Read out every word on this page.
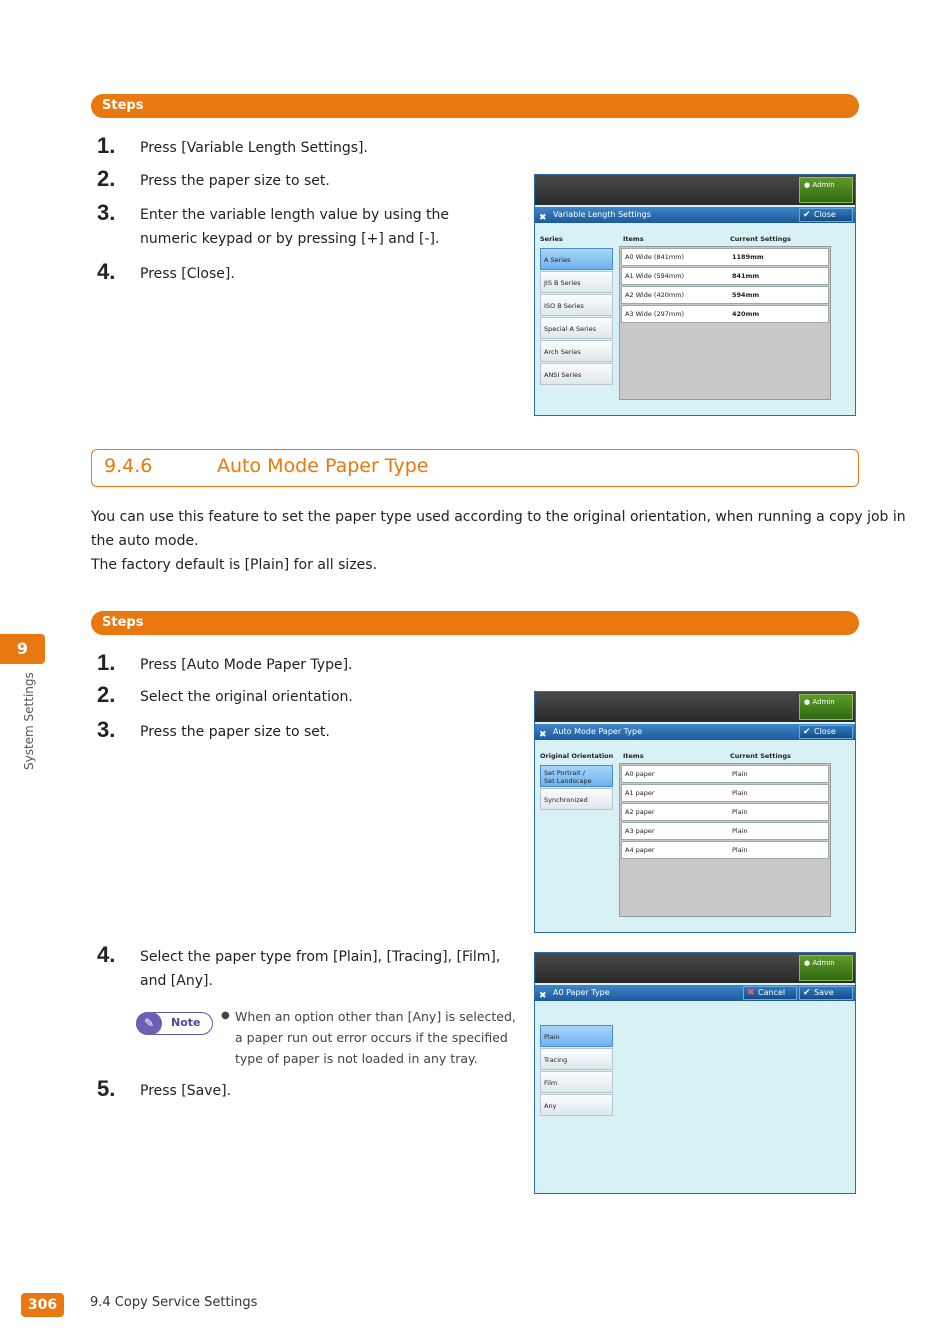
Steps
1. Press [Variable Length Settings].
2. Press the paper size to set.
3. Enter the variable length value by using the numeric keypad or by pressing [+] and [-].
4. Press [Close].
●​ Admin
✖ Variable Length Settings	✔ Close
Series	Items	Current Settings
A Series
JIS B Series
ISO B Series
Special A Series
Arch Series
ANSI Series
A0 Wide (841mm)	1189mm
A1 Wide (594mm)	841mm
A2 Wide (420mm)	594mm
A3 Wide (297mm)	420mm
9.4.6	Auto Mode Paper Type
You can use this feature to set the paper type used according to the original orientation, when running a copy job in
the auto mode.
The factory default is [Plain] for all sizes.
Steps
1. Press [Auto Mode Paper Type].
2. Select the original orientation.
3. Press the paper size to set.
● Admin
✖ Auto Mode Paper Type	✔ Close
Original Orientation Items	Current Settings
Set Portrait /
Set Landscape
Synchronized
A0 paper	Plain
A1 paper	Plain
A2 paper	Plain
A3 paper	Plain
A4 paper	Plain
4. Select the paper type from [Plain], [Tracing], [Film], and [Any].
✎	Note
● When an option other than [Any] is selected, a paper run out error occurs if the specified type of paper is not loaded in any tray.
5. Press [Save].
● Admin
✖ A0 Paper Type	✖ Cancel	✔ Save
Plain
Tracing
Film
Any
9
System Settings
306	9.4 Copy Service Settings
